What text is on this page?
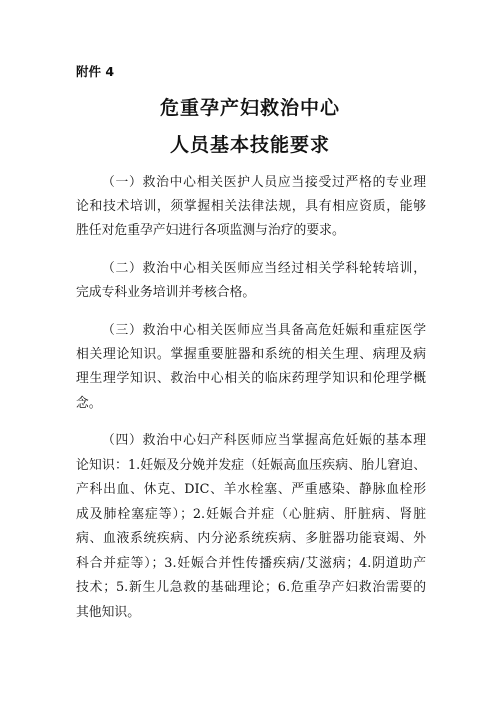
附件 4
危重孕产妇救治中心
人员基本技能要求
（一）救治中心相关医护人员应当接受过严格的专业理
论和技术培训，须掌握相关法律法规，具有相应资质，能够
胜任对危重孕产妇进行各项监测与治疗的要求。
（二）救治中心相关医师应当经过相关学科轮转培训，
完成专科业务培训并考核合格。
（三）救治中心相关医师应当具备高危妊娠和重症医学
相关理论知识。掌握重要脏器和系统的相关生理、病理及病
理生理学知识、救治中心相关的临床药理学知识和伦理学概
念。
（四）救治中心妇产科医师应当掌握高危妊娠的基本理
论知识：1.妊娠及分娩并发症（妊娠高血压疾病、胎儿窘迫、
产科出血、休克、DIC、羊水栓塞、严重感染、静脉血栓形
成及肺栓塞症等）；2.妊娠合并症（心脏病、肝脏病、肾脏
病、血液系统疾病、内分泌系统疾病、多脏器功能衰竭、外
科合并症等）；3.妊娠合并性传播疾病/艾滋病；4.阴道助产
技术；5.新生儿急救的基础理论；6.危重孕产妇救治需要的
其他知识。
